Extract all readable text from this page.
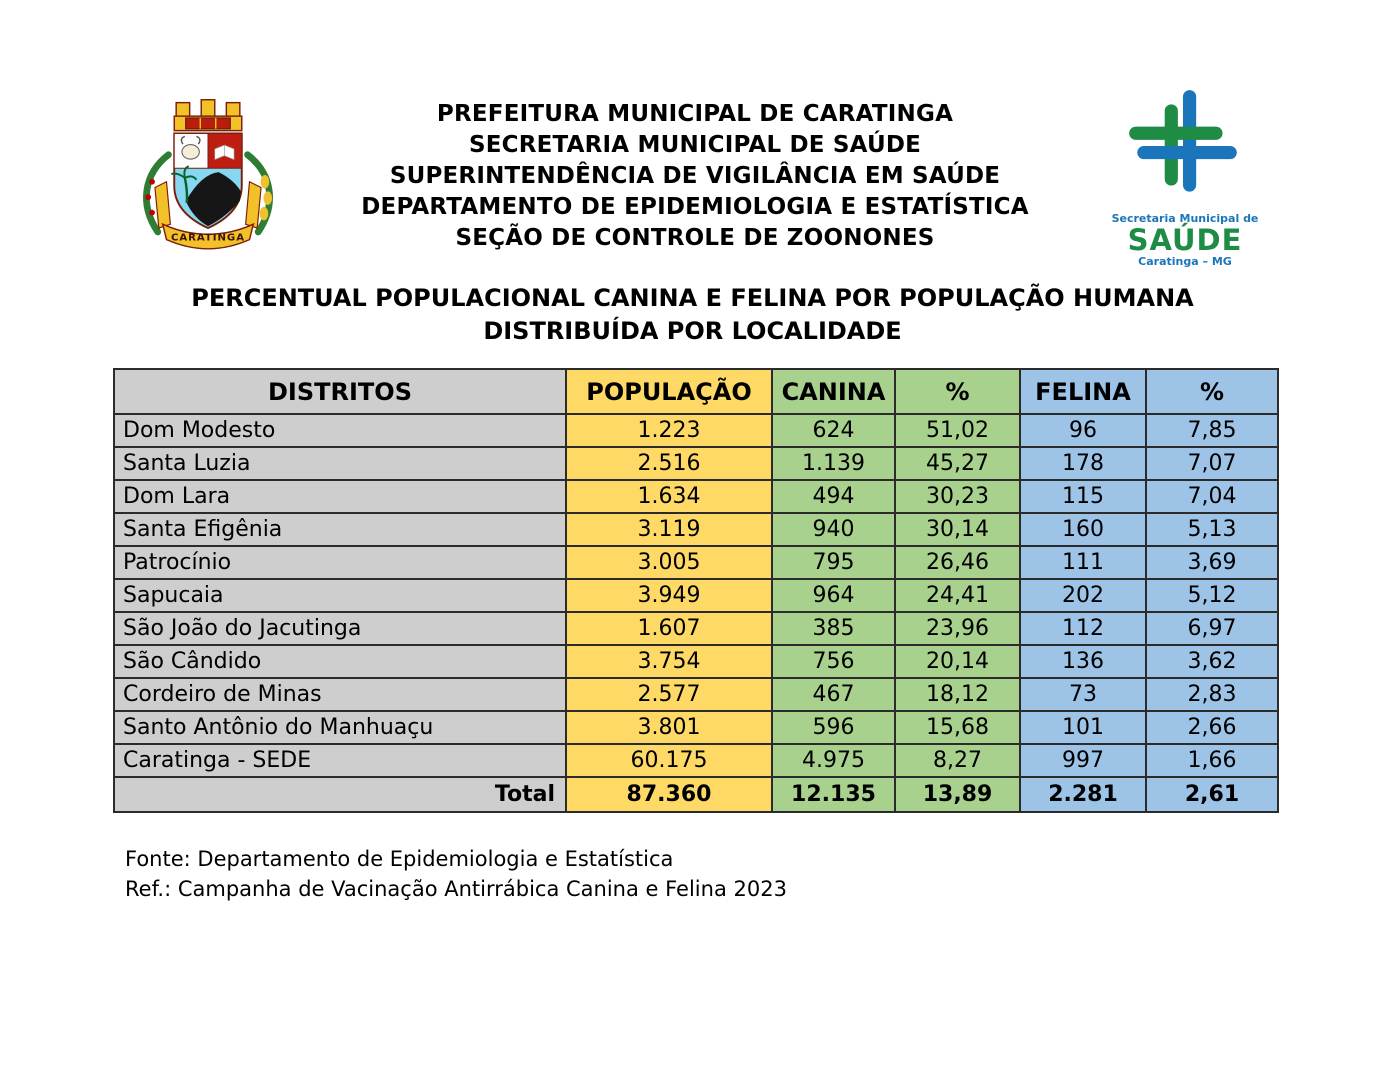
CARATINGA
PREFEITURA MUNICIPAL DE CARATINGA
SECRETARIA MUNICIPAL DE SAÚDE
SUPERINTENDÊNCIA DE VIGILÂNCIA EM SAÚDE
DEPARTAMENTO DE EPIDEMIOLOGIA E ESTATÍSTICA
SEÇÃO DE CONTROLE DE ZOONONES
Secretaria Municipal de
SAÚDE
Caratinga – MG
PERCENTUAL POPULACIONAL CANINA E FELINA POR POPULAÇÃO HUMANA
DISTRIBUÍDA POR LOCALIDADE
DISTRITOS	POPULAÇÃO	CANINA	%	FELINA	%
Dom Modesto	1.223	624	51,02	96	7,85
Santa Luzia	2.516	1.139	45,27	178	7,07
Dom Lara	1.634	494	30,23	115	7,04
Santa Efigênia	3.119	940	30,14	160	5,13
Patrocínio	3.005	795	26,46	111	3,69
Sapucaia	3.949	964	24,41	202	5,12
São João do Jacutinga	1.607	385	23,96	112	6,97
São Cândido	3.754	756	20,14	136	3,62
Cordeiro de Minas	2.577	467	18,12	73	2,83
Santo Antônio do Manhuaçu	3.801	596	15,68	101	2,66
Caratinga - SEDE	60.175	4.975	8,27	997	1,66
Total	87.360	12.135	13,89	2.281	2,61
Fonte: Departamento de Epidemiologia e Estatística
Ref.: Campanha de Vacinação Antirrábica Canina e Felina 2023
